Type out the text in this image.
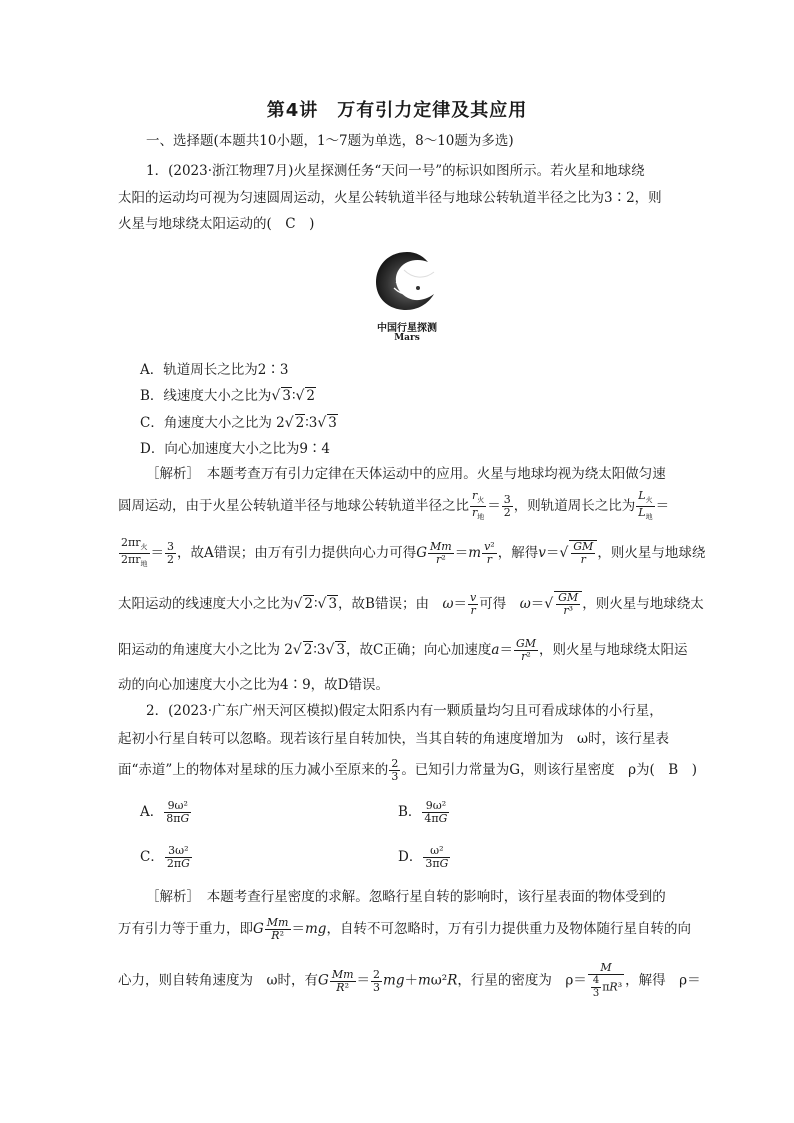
第4讲　万有引力定律及其应用
一、选择题(本题共10小题，1～7题为单选，8～10题为多选)
1．(2023·浙江物理7月)火星探测任务“天问一号”的标识如图所示。若火星和地球绕
太阳的运动均可视为匀速圆周运动，火星公转轨道半径与地球公转轨道半径之比为3∶2，则
火星与地球绕太阳运动的(　C　)
中国行星探测
Mars
A．轨道周长之比为2∶3
B．线速度大小之比为√ 3∶√ 2
C．角速度大小之比为 2√ 2∶3√ 3
D．向心加速度大小之比为9∶4
［解析］　本题考查万有引力定律在天体运动中的应用。火星与地球均视为绕太阳做匀速
圆周运动，由于火星公转轨道半径与地球公转轨道半径之比 $\frac{r_火}{r_地} = \frac{3}{2}$ ，则轨道周长之比为 $\frac{L_火}{L_地}$ ＝
$\frac{2\pi r_火}{2\pi r_地} = \frac{3}{2}$ ，故A错误；由万有引力提供向心力可得G $\frac{Mm}{\text{r²}} =m \frac{\text{v²}}{r}$ ，解得$v=√ \frac{GM}{r}$ ，则火星与地球绕
太阳运动的线速度大小之比为√ 2∶√ 3，故B错误；由　 $\omega= \frac{v}{r}$ 可得　 $\omega=√ \frac{GM}{\text{r³}}$ ，则火星与地球绕太
阳运动的角速度大小之比为 2√ 2∶3√ 3，故C正确；向心加速度$a= \frac{GM}{\text{r²}}$ ，则火星与地球绕太阳运
动的向心加速度大小之比为4∶9，故D错误。
2．(2023·广东广州天河区模拟)假定太阳系内有一颗质量均匀且可看成球体的小行星，
起初小行星自转可以忽略。现若该行星自转加快，当其自转的角速度增加为　ω时，该行星表
面“赤道”上的物体对星球的压力减小至原来的 $\frac{2}{3}$ 。已知引力常量为G，则该行星密度　ρ为(　B　)
A． $\frac{\text{9ω²}}{8\pi G}$	B． $\frac{\text{9ω²}}{4\pi G}$
C． $\frac{\text{3ω²}}{2\pi G}$	D． $\frac{\text{ω²}}{3\pi G}$
［解析］　本题考查行星密度的求解。忽略行星自转的影响时，该行星表面的物体受到的
万有引力等于重力，即G $\frac{Mm}{\text{R²}} =mg$，自转不可忽略时，万有引力提供重力及物体随行星自转的向
心力，则自转角速度为　ω时，有G $\frac{Mm}{\text{R²}} = \frac{2}{3} mg+m\omega^2R$，行星的密度为　$\rho= \frac{M}{\frac{4}{3} \pi R^3}$ ，解得　ρ＝
